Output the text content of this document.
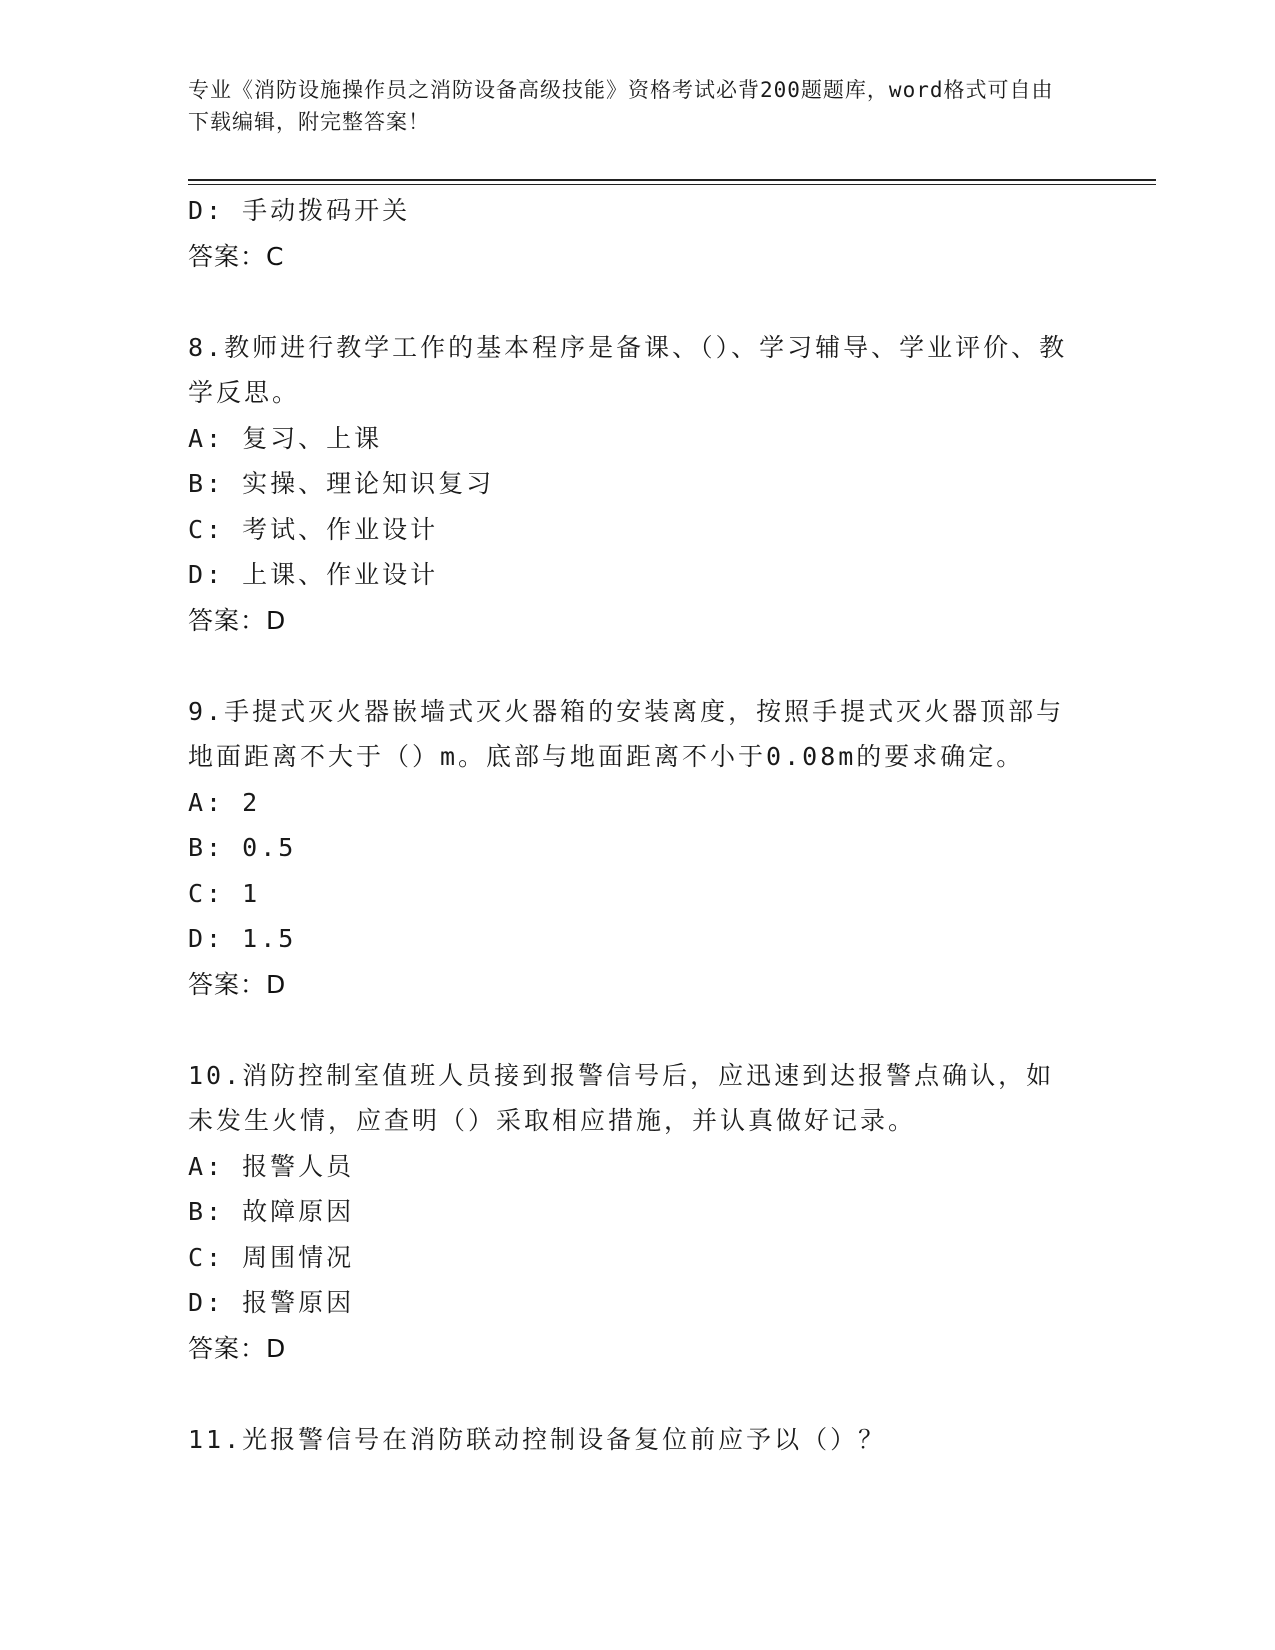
专业《消防设施操作员之消防设备高级技能》资格考试必背200题题库，word格式可自由下载编辑，附完整答案！
D: 手动拨码开关
答案：C
8.教师进行教学工作的基本程序是备课、（）、学习辅导、学业评价、教学反思。
A: 复习、上课
B: 实操、理论知识复习
C: 考试、作业设计
D: 上课、作业设计
答案：D
9.手提式灭火器嵌墙式灭火器箱的安装离度，按照手提式灭火器顶部与地面距离不大于（）m。底部与地面距离不小于0.08m的要求确定。
A: 2
B: 0.5
C: 1
D: 1.5
答案：D
10.消防控制室值班人员接到报警信号后，应迅速到达报警点确认，如未发生火情，应查明（）采取相应措施，并认真做好记录。
A: 报警人员
B: 故障原因
C: 周围情况
D: 报警原因
答案：D
11.光报警信号在消防联动控制设备复位前应予以（）？
